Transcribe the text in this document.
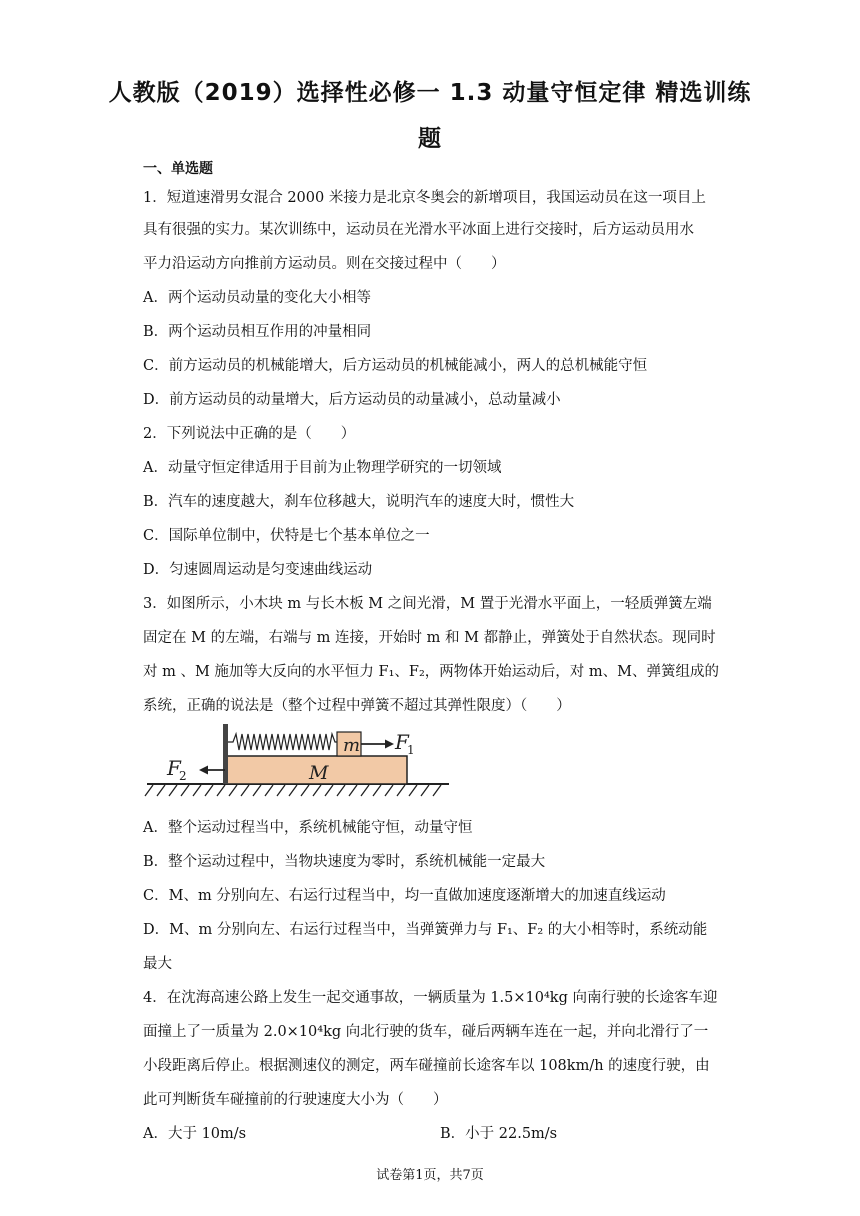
人教版（2019）选择性必修一 1.3 动量守恒定律 精选训练
题
一、单选题
1．短道速滑男女混合 2000 米接力是北京冬奥会的新增项目，我国运动员在这一项目上
具有很强的实力。某次训练中，运动员在光滑水平冰面上进行交接时，后方运动员用水
平力沿运动方向推前方运动员。则在交接过程中（　　）
A．两个运动员动量的变化大小相等
B．两个运动员相互作用的冲量相同
C．前方运动员的机械能增大，后方运动员的机械能减小，两人的总机械能守恒
D．前方运动员的动量增大，后方运动员的动量减小，总动量减小
2．下列说法中正确的是（　　）
A．动量守恒定律适用于目前为止物理学研究的一切领域
B．汽车的速度越大，刹车位移越大，说明汽车的速度大时，惯性大
C．国际单位制中，伏特是七个基本单位之一
D．匀速圆周运动是匀变速曲线运动
3．如图所示，小木块 m 与长木板 M 之间光滑，M 置于光滑水平面上，一轻质弹簧左端
固定在 M 的左端，右端与 m 连接，开始时 m 和 M 都静止，弹簧处于自然状态。现同时
对 m 、M 施加等大反向的水平恒力 F₁、F₂，两物体开始运动后，对 m、M、弹簧组成的
系统，正确的说法是（整个过程中弹簧不超过其弹性限度）（　　）
m
M
F
1
F
2
A．整个运动过程当中，系统机械能守恒，动量守恒
B．整个运动过程中，当物块速度为零时，系统机械能一定最大
C．M、m 分别向左、右运行过程当中，均一直做加速度逐渐增大的加速直线运动
D．M、m 分别向左、右运行过程当中，当弹簧弹力与 F₁、F₂ 的大小相等时，系统动能
最大
4．在沈海高速公路上发生一起交通事故，一辆质量为 1.5×10⁴kg 向南行驶的长途客车迎
面撞上了一质量为 2.0×10⁴kg 向北行驶的货车，碰后两辆车连在一起，并向北滑行了一
小段距离后停止。根据测速仪的测定，两车碰撞前长途客车以 108km/h 的速度行驶，由
此可判断货车碰撞前的行驶速度大小为（　　）
A．大于 10m/s	B．小于 22.5m/s
试卷第1页，共7页
